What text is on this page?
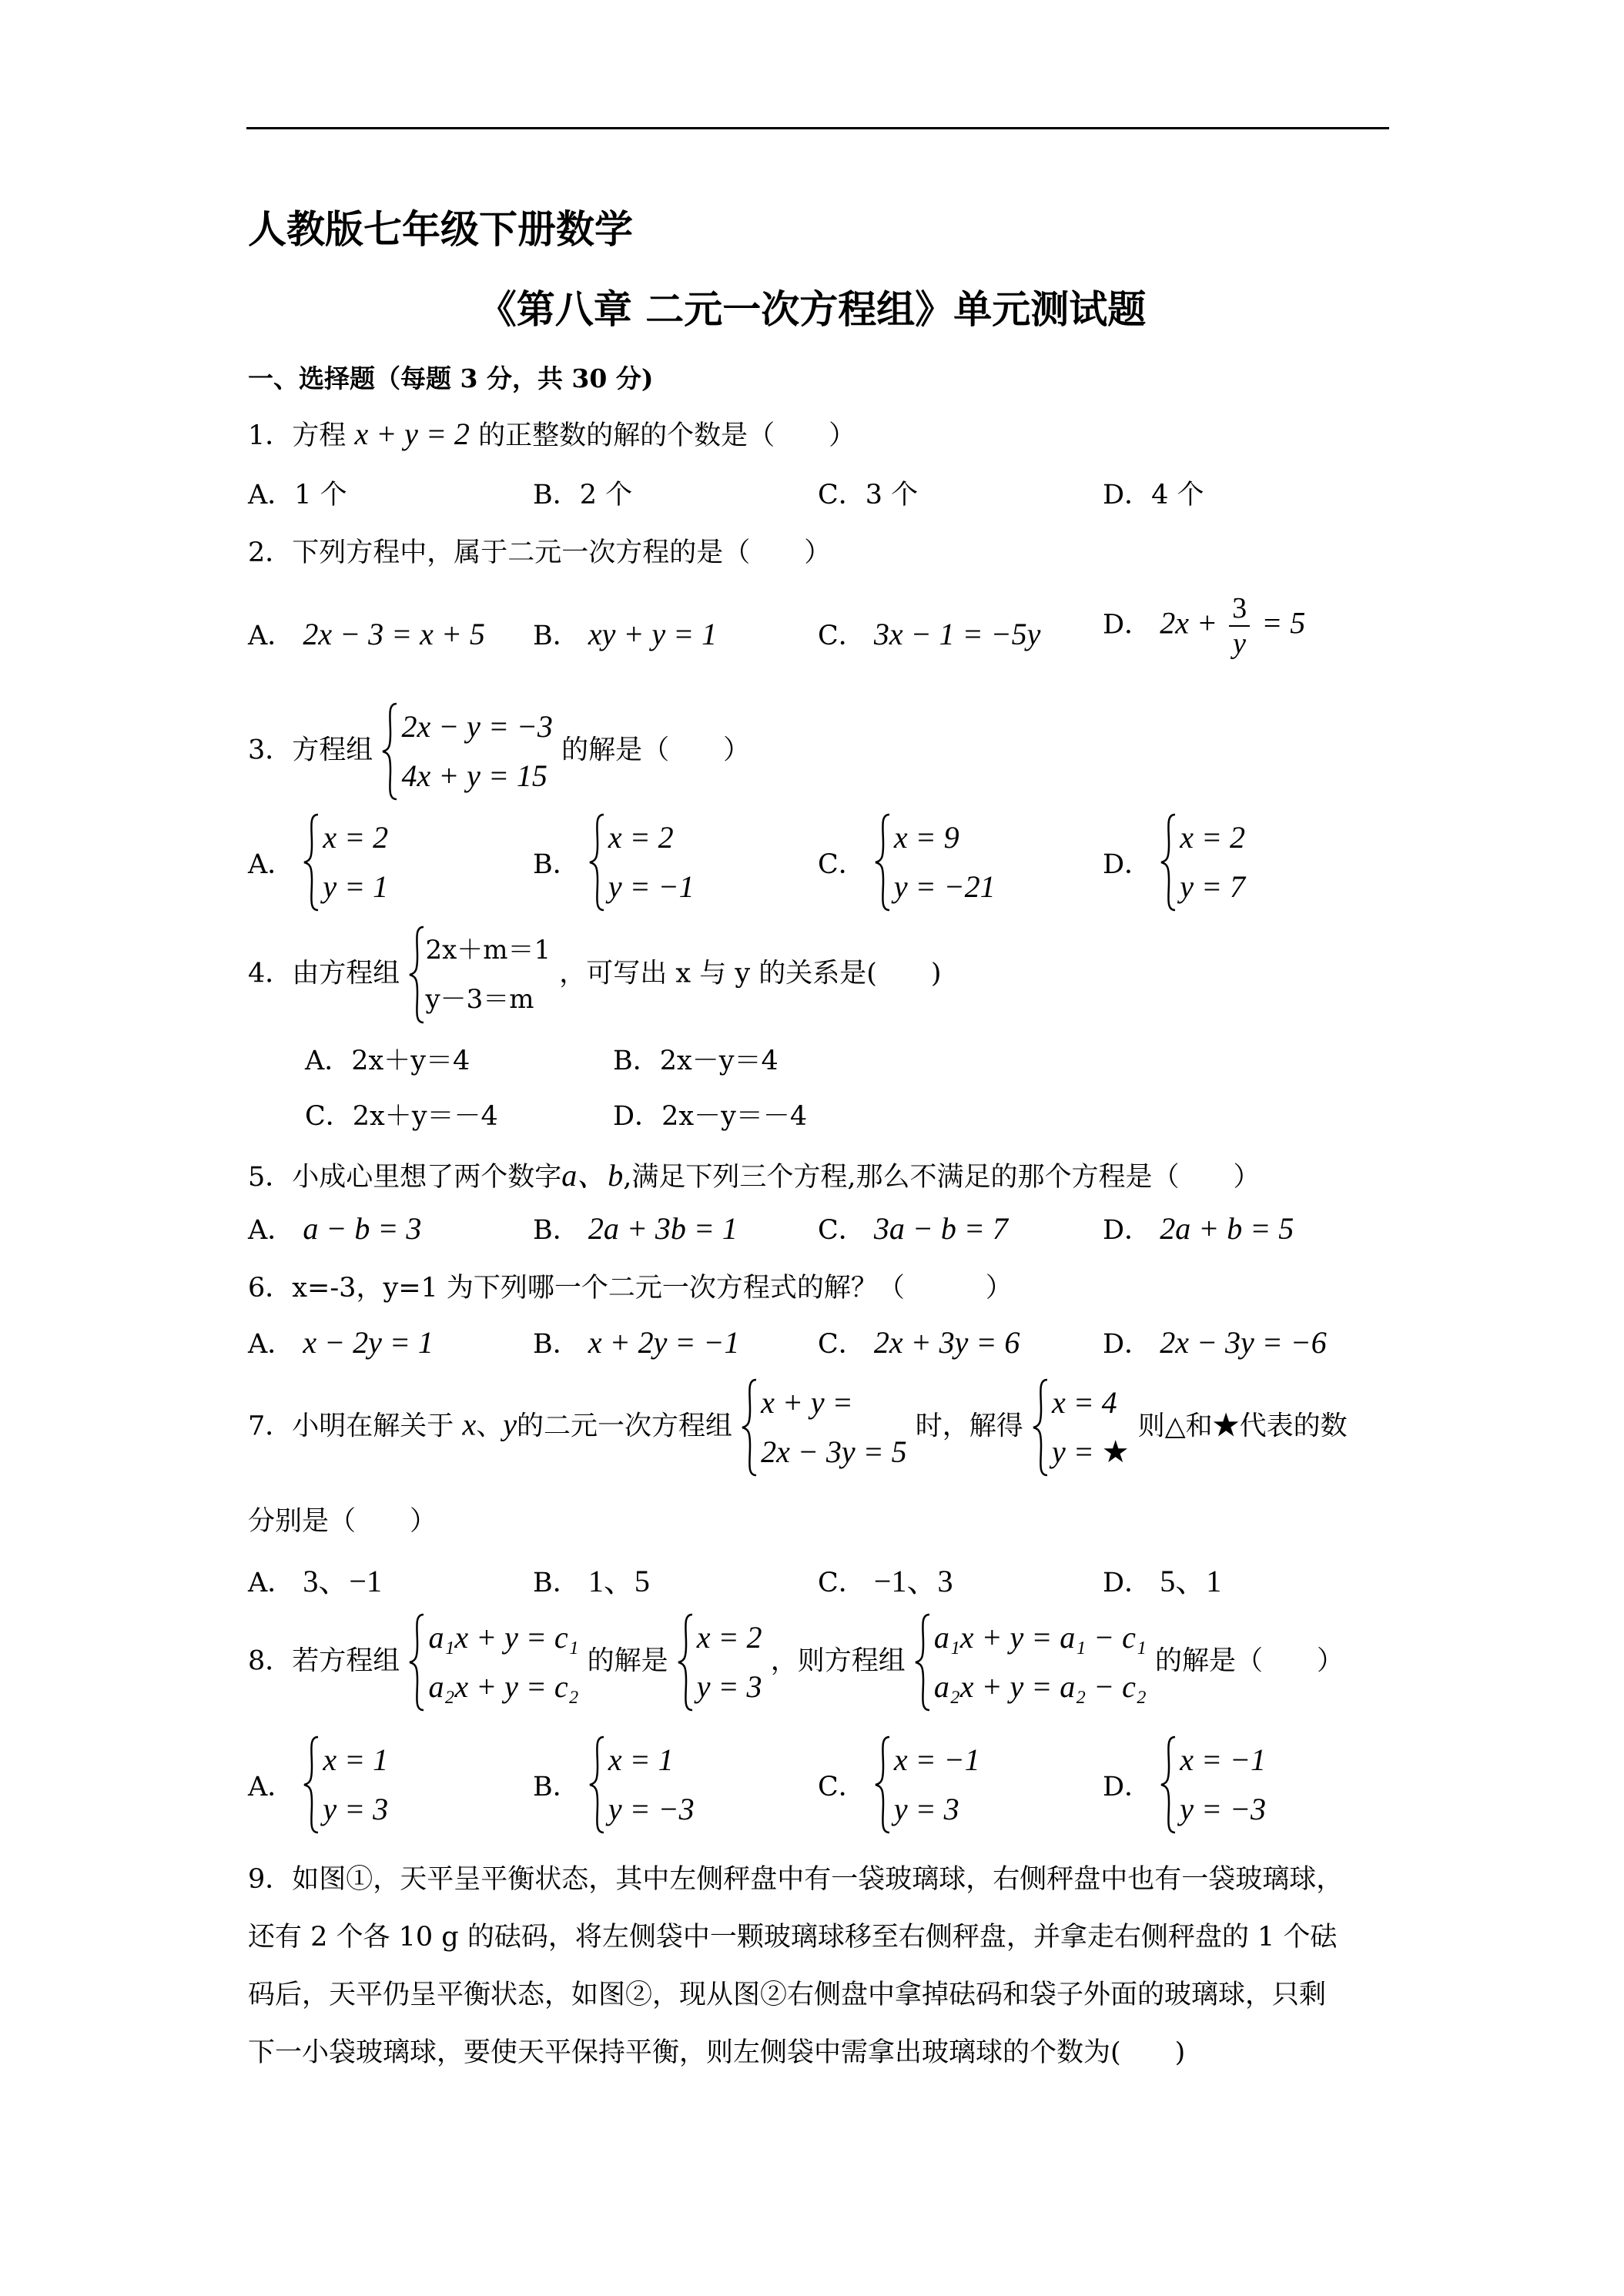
人教版七年级下册数学
《第八章 二元一次方程组》单元测试题
一、选择题（每题 3 分，共 30 分)
1．方程 x + y = 2 的正整数的解的个数是（　　）
A．1 个	B．2 个	C．3 个	D．4 个
2．下列方程中，属于二元一次方程的是（　　）
A． 2x − 3 = x + 5 B． xy + y = 1	C． 3x − 1 = −5y D． $2x + \frac{3}{y} = 5$
3．方程组
2x − y = −3
4x + y = 15
的解是（　　）
A．
x = 2
y = 1
B．
x = 2
y = −1
C．
x = 9
y = −21
D．
x = 2
y = 7
4．由方程组
2x＋m＝1
y－3＝m
，可写出 x 与 y 的关系是(　　)
A．2x＋y＝4	B．2x－y＝4
C．2x＋y＝－4	D．2x－y＝－4
5．小成心里想了两个数字a、b,满足下列三个方程,那么不满足的那个方程是（　　）
A． a − b = 3	B． 2a + 3b = 1	C． 3a − b = 7	D． 2a + b = 5
6．x=-3，y=1 为下列哪一个二元一次方程式的解？（　　　）
A． x − 2y = 1	B． x + 2y = −1	C． 2x + 3y = 6	D． 2x − 3y = −6
7．小明在解关于 x、y的二元一次方程组
x + y =
2x − 3y = 5
时，解得
x = 4
y = ★
则△和★代表的数
分别是（　　）
A． 3、−1	B． 1、5	C． −1、3	D． 5、1
8．若方程组
a₁x + y = c₁
a₂x + y = c₂
的解是
x = 2
y = 3
，则方程组
a₁x + y = a₁ − c₁
a₂x + y = a₂ − c₂
的解是（　　）
A．
x = 1
y = 3
B．
x = 1
y = −3
C．
x = −1
y = 3
D．
x = −1
y = −3
9．如图①，天平呈平衡状态，其中左侧秤盘中有一袋玻璃球，右侧秤盘中也有一袋玻璃球，
还有 2 个各 10 g 的砝码，将左侧袋中一颗玻璃球移至右侧秤盘，并拿走右侧秤盘的 1 个砝
码后，天平仍呈平衡状态，如图②，现从图②右侧盘中拿掉砝码和袋子外面的玻璃球，只剩
下一小袋玻璃球，要使天平保持平衡，则左侧袋中需拿出玻璃球的个数为(　　)
